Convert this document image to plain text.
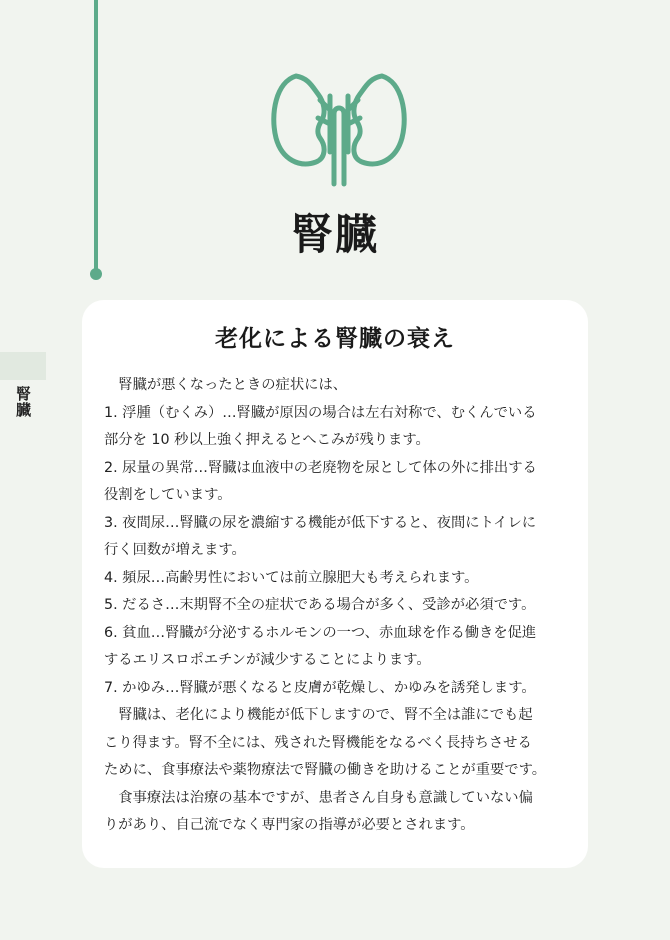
腎臓
腎臓
老化による腎臓の衰え

腎臓が悪くなったときの症状には、

1. 浮腫（むくみ）…腎臓が原因の場合は左右対称で、むくんでいる

部分を 10 秒以上強く押えるとへこみが残ります。

2. 尿量の異常…腎臓は血液中の老廃物を尿として体の外に排出する

役割をしています。

3. 夜間尿…腎臓の尿を濃縮する機能が低下すると、夜間にトイレに

行く回数が増えます。

4. 頻尿…高齢男性においては前立腺肥大も考えられます。

5. だるさ…末期腎不全の症状である場合が多く、受診が必須です。

6. 貧血…腎臓が分泌するホルモンの一つ、赤血球を作る働きを促進

するエリスロポエチンが減少することによります。

7. かゆみ…腎臓が悪くなると皮膚が乾燥し、かゆみを誘発します。

腎臓は、老化により機能が低下しますので、腎不全は誰にでも起

こり得ます。腎不全には、残された腎機能をなるべく長持ちさせる

ために、食事療法や薬物療法で腎臓の働きを助けることが重要です。

食事療法は治療の基本ですが、患者さん自身も意識していない偏

りがあり、自己流でなく専門家の指導が必要とされます。
